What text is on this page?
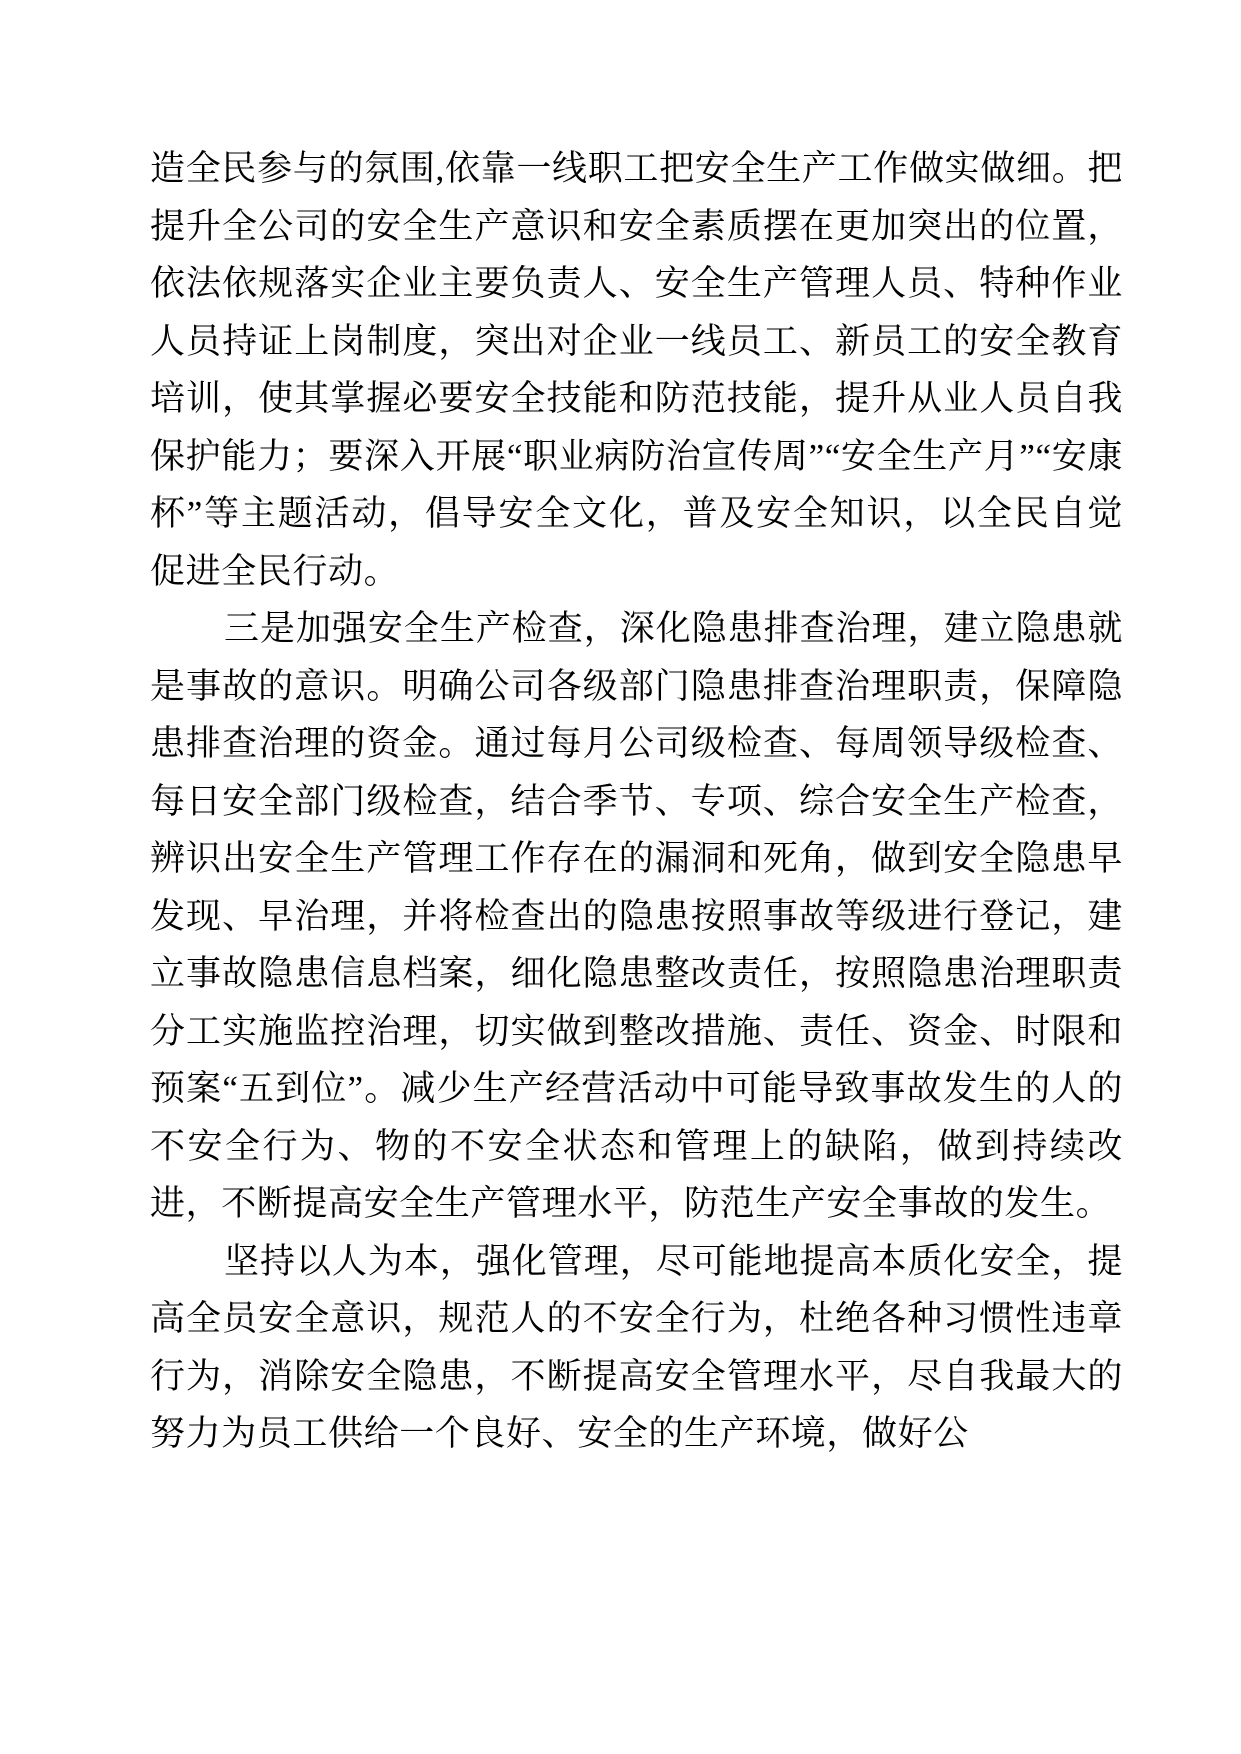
造全民参与的氛围,依靠一线职工把安全生产工作做实做细。把提升全公司的安全生产意识和安全素质摆在更加突出的位置，依法依规落实企业主要负责人、安全生产管理人员、特种作业人员持证上岗制度，突出对企业一线员工、新员工的安全教育培训，使其掌握必要安全技能和防范技能，提升从业人员自我保护能力；要深入开展“职业病防治宣传周”“安全生产月”“安康杯”等主题活动，倡导安全文化，普及安全知识，以全民自觉促进全民行动。

三是加强安全生产检查，深化隐患排查治理，建立隐患就是事故的意识。明确公司各级部门隐患排查治理职责，保障隐患排查治理的资金。通过每月公司级检查、每周领导级检查、每日安全部门级检查，结合季节、专项、综合安全生产检查，辨识出安全生产管理工作存在的漏洞和死角，做到安全隐患早发现、早治理，并将检查出的隐患按照事故等级进行登记，建立事故隐患信息档案，细化隐患整改责任，按照隐患治理职责分工实施监控治理，切实做到整改措施、责任、资金、时限和预案“五到位”。减少生产经营活动中可能导致事故发生的人的不安全行为、物的不安全状态和管理上的缺陷，做到持续改进，不断提高安全生产管理水平，防范生产安全事故的发生。

坚持以人为本，强化管理，尽可能地提高本质化安全，提高全员安全意识，规范人的不安全行为，杜绝各种习惯性违章行为，消除安全隐患，不断提高安全管理水平，尽自我最大的努力为员工供给一个良好、安全的生产环境，做好公
